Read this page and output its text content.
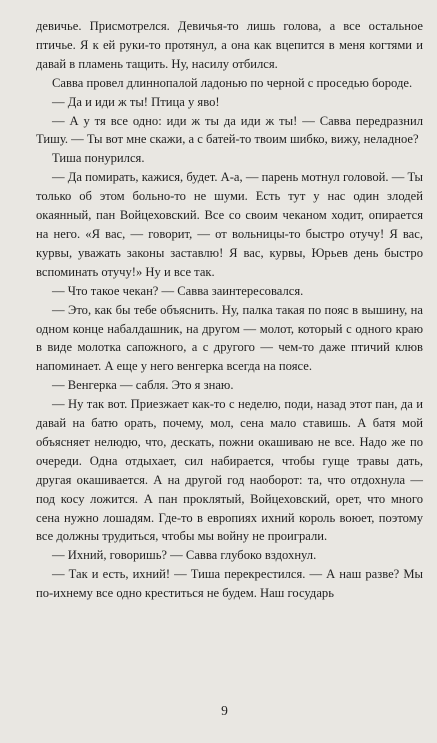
девичье. Присмотрелся. Девичья-то лишь голова, а все остальное птичье. Я к ей руки-то протянул, а она как вцепится в меня когтями и давай в пламень тащить. Ну, насилу отбился.

Савва провел длиннопалой ладонью по черной с проседью бороде.

— Да и иди ж ты! Птица у яво!

— А у тя все одно: иди ж ты да иди ж ты! — Савва передразнил Тишу. — Ты вот мне скажи, а с батей-то твоим шибко, вижу, неладное?

Тиша понурился.

— Да помирать, кажися, будет. А-а, — парень мотнул головой. — Ты только об этом больно-то не шуми. Есть тут у нас один злодей окаянный, пан Войцеховский. Все со своим чеканом ходит, опирается на него. «Я вас, — говорит, — от вольницы-то быстро отучу! Я вас, курвы, уважать законы заставлю! Я вас, курвы, Юрьев день быстро вспоминать отучу!» Ну и все так.

— Что такое чекан? — Савва заинтересовался.

— Это, как бы тебе объяснить. Ну, палка такая по пояс в вышину, на одном конце набалдашник, на другом — молот, который с одного краю в виде молотка сапожного, а с другого — чем-то даже птичий клюв напоминает. А еще у него венгерка всегда на поясе.

— Венгерка — сабля. Это я знаю.

— Ну так вот. Приезжает как-то с неделю, поди, назад этот пан, да и давай на батю орать, почему, мол, сена мало ставишь. А батя мой объясняет нелюдю, что, дескать, пожни окашиваю не все. Надо же по очереди. Одна отдыхает, сил набирается, чтобы гуще травы дать, другая окашивается. А на другой год наоборот: та, что отдохнула — под косу ложится. А пан проклятый, Войцеховский, орет, что много сена нужно лошадям. Где-то в европиях ихний король воюет, поэтому все должны трудиться, чтобы мы войну не проиграли.

— Ихний, говоришь? — Савва глубоко вздохнул.

— Так и есть, ихний! — Тиша перекрестился. — А наш разве? Мы по-ихнему все одно креститься не будем. Наш государь

9
